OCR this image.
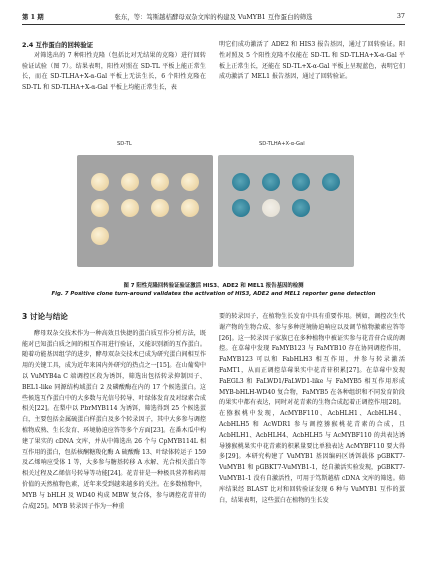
第 1 期	张东，等：笃斯越桔酵母双杂文库的构建及 VuMYB1 互作蛋白的筛选	37
2.4 互作蛋白的回转验证

对筛选出的 7 种阳性克隆（包括比对无结果的克隆）进行回转验证试验（图 7）。结果表明，阳性对照在 SD-TL 平板上能正常生长，而在 SD-TLHA+X-α-Gal 平板上无法生长，6 个阳性克隆在 SD-TL 和 SD-TLHA+X-α-Gal 平板上均能正常生长，表

明它们成功激活了 ADE2 和 HIS3 报告基因，通过了回转验证。阳性对照及 5 个阳性克隆不仅能在 SD-TL 和 SD-TLHA+X-α-Gal 平板上正常生长，还能在 SD-TL+X-α-Gal 平板上呈现蓝色，表明它们成功激活了 MEL1 报告基因，通过了回转验证。

SD-TL	SD-TLHA+X-α-Gal
图 7 阳性克隆回转验证验证激活 HIS3、ADE2 和 MEL1 报告基因的检测
Fig. 7 Positive clone turn-around validates the activation of HIS3, ADE2 and MEL1 reporter gene detection
3 讨论与结论

酵母双杂交技术作为一种高效且快捷的蛋白质互作分析方法，既能对已知蛋白质之间的相互作用进行验证，又能识别新的互作蛋白。随着功能基因组学的进步，酵母双杂交技术已成为研究蛋白间相互作用的关键工具，成为近年来国内外研究的热点之一[15]。在山葡萄中以 VuMYB4a C 端调控区段为诱饵，筛选出包括转录抑制因子、BEL1-like 同源结构域蛋白 2 及磷酸酶在内的 17 个候选蛋白。这些候选互作蛋白中的大多数与光信号转导、叶绿体发育及对绿素合成相关[22]。在梨中以 PbrMYB114 为诱饵，筛选得到 25 个候选蛋白，主要包括金属硫蛋白样蛋白及多个转录因子，其中大多参与调控植物成熟、生长发育、环境胁迫应答等多个方面[23]。在番木瓜中构建了果实的 cDNA 文库，并从中筛选出 26 个与 CpMYB114L 相互作用的蛋白，包括核酮糖羧化酶 A 硫酸酶 13、叶绿体转运子 159 及乙烯响应受体 1 等，大多参与糖基转移 A 水解、光合相关蛋白等相关过程及乙烯信号转导等功能[24]。花青苷是一种极具营养和药用价值的天然植物色素，近年来受到越来越多的关注。在多数植物中，MYB 与 bHLH 及 WD40 构成 MBW 复合体，参与调控花青苷的合成[25]。MYB 转录因子作为一种重

要的转录因子，在植物生长发育中具有重要作用。例如，调控次生代谢产物的生物合成、参与多种逆境胁迫响应以及调节植物激素应答等[26]。这一转录因子家族已在多种植物中被证实参与花青苷合成的调控。在草莓中发现 FaMYB123 与 FaMYB10 存在协同调控作用，FaMYB123 可以和 FabHLH3 相互作用，并参与转录激活 FaMT1，从而正调控草莓果实中花青苷积累[27]。在草莓中发现 FaEGL3 和 FaLWD1/FaLWD1-like 与 FaMYB5 相互作用形成 MYB-bHLH-WD40 复合物，FaMYB5 在各种组织和不同发育阶段的果实中都有表达，同时对花青素的生物合成起着正调控作用[28]。在猕猴桃中发现，AcMYBF110、AcbHLH1、AcbHLH4、AcbHLH5 和 AcWDR1 参与调控猕猴桃花青素的合成，且 AcbHLH1、AcbHLH4、AcbHLH5 与 AcMYBF110 的共表达诱导猕猴桃果实中花青素的积累量要比单独表达 AcMYBF110 要大得多[29]。本研究构建了 VuMYB1 基因编码区诱饵载体 pGBKT7-VuMYB1 和 pGBKT7-VuMYB1-1，经自激活实验发现，pGBKT7-VuMYB1-1 没有自激活性，可用于笃斯越桔 cDNA 文库的筛选。筛库结果经 BLAST 比对和回转验证发现 6 种与 VuMYB1 互作的蛋白，结果表明，这些蛋白在植物的生长发
